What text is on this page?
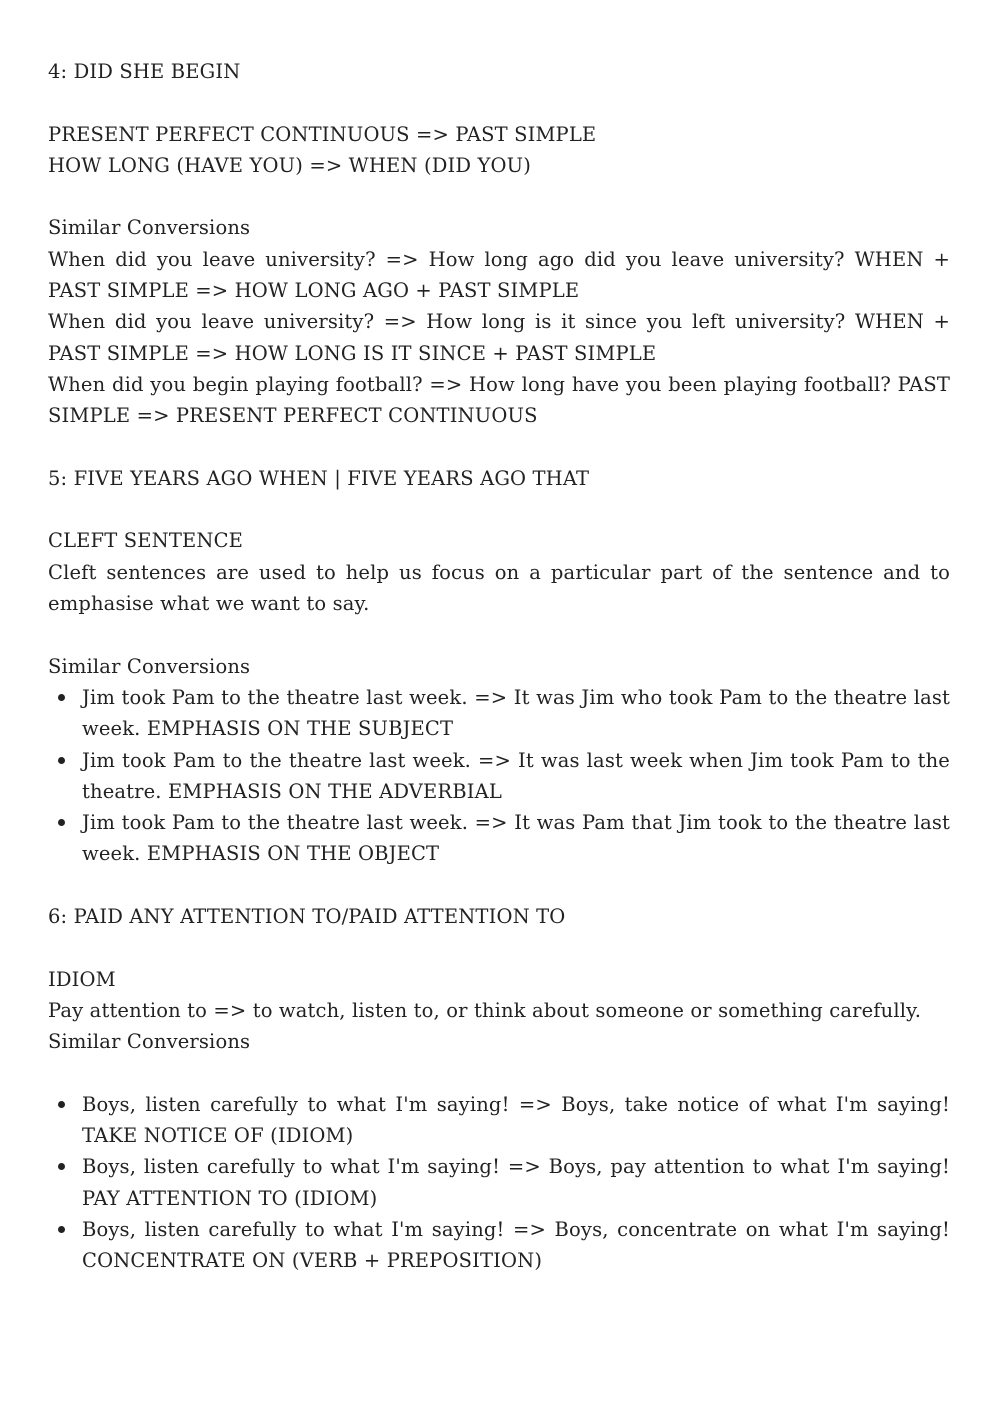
4: DID SHE BEGIN
PRESENT PERFECT CONTINUOUS => PAST SIMPLE
HOW LONG (HAVE YOU) => WHEN (DID YOU)
Similar Conversions
When did you leave university? => How long ago did you leave university? WHEN + PAST SIMPLE => HOW LONG AGO + PAST SIMPLE
When did you leave university? => How long is it since you left university? WHEN + PAST SIMPLE => HOW LONG IS IT SINCE + PAST SIMPLE
When did you begin playing football? => How long have you been playing football? PAST SIMPLE => PRESENT PERFECT CONTINUOUS
5: FIVE YEARS AGO WHEN | FIVE YEARS AGO THAT
CLEFT SENTENCE
Cleft sentences are used to help us focus on a particular part of the sentence and to emphasise what we want to say.
Similar Conversions
Jim took Pam to the theatre last week. => It was Jim who took Pam to the theatre last week. EMPHASIS ON THE SUBJECT
Jim took Pam to the theatre last week. => It was last week when Jim took Pam to the theatre. EMPHASIS ON THE ADVERBIAL
Jim took Pam to the theatre last week. => It was Pam that Jim took to the theatre last week. EMPHASIS ON THE OBJECT
6: PAID ANY ATTENTION TO/PAID ATTENTION TO
IDIOM
Pay attention to => to watch, listen to, or think about someone or something carefully.
Similar Conversions
Boys, listen carefully to what I'm saying! => Boys, take notice of what I'm saying! TAKE NOTICE OF (IDIOM)
Boys, listen carefully to what I'm saying! => Boys, pay attention to what I'm saying! PAY ATTENTION TO (IDIOM)
Boys, listen carefully to what I'm saying! => Boys, concentrate on what I'm saying! CONCENTRATE ON (VERB + PREPOSITION)
